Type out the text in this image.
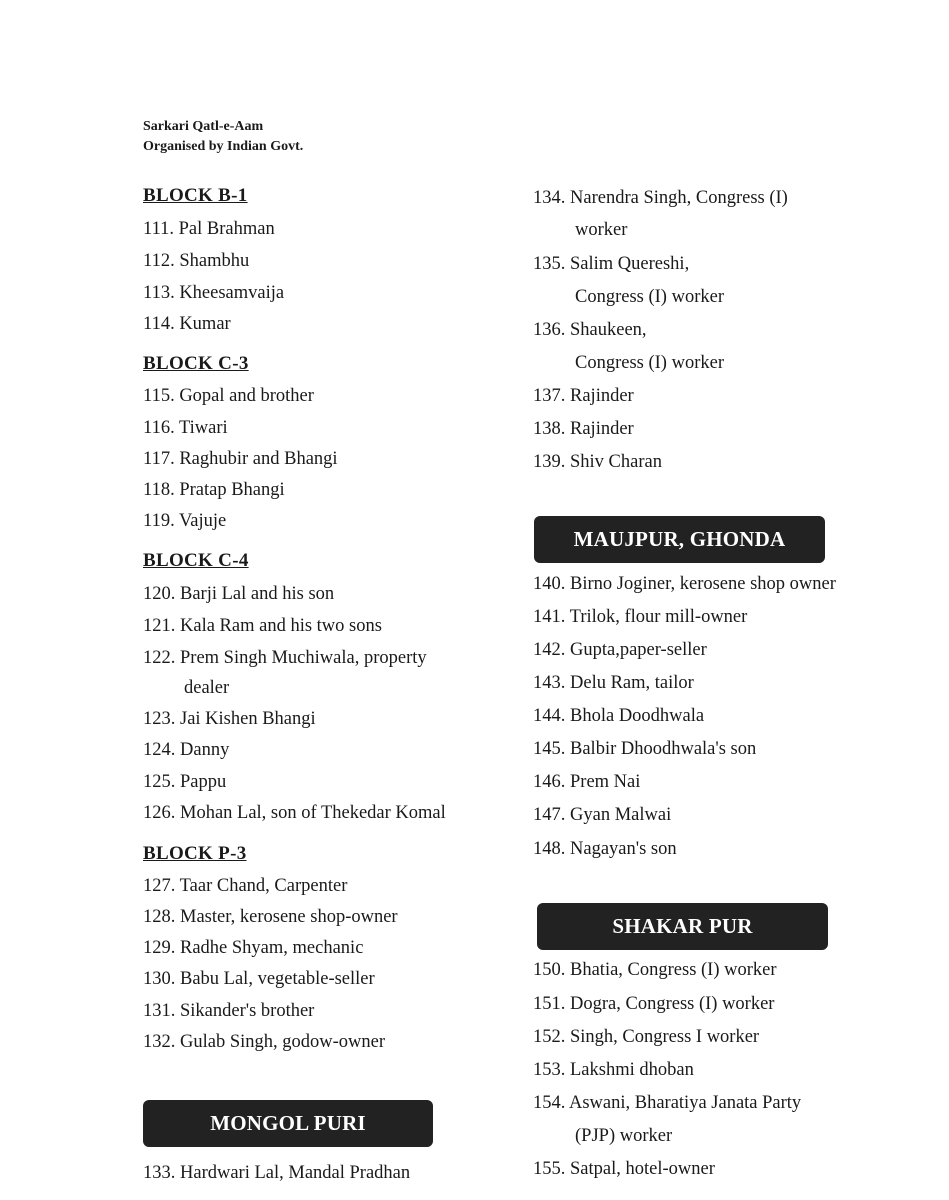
Sarkari Qatl-e-Aam
Organised by Indian Govt.
BLOCK B-1
111. Pal Brahman
112. Shambhu
113. Kheesamvaija
114. Kumar
BLOCK C-3
115. Gopal and brother
116. Tiwari
117. Raghubir and Bhangi
118. Pratap Bhangi
119. Vajuje
BLOCK C-4
120. Barji Lal and his son
121. Kala Ram and his two sons
122. Prem Singh Muchiwala, property
dealer
123. Jai Kishen Bhangi
124. Danny
125. Pappu
126. Mohan Lal, son of Thekedar Komal
BLOCK P-3
127. Taar Chand, Carpenter
128. Master, kerosene shop-owner
129. Radhe Shyam, mechanic
130. Babu Lal, vegetable-seller
131. Sikander's brother
132. Gulab Singh, godow-owner
MONGOL PURI
133. Hardwari Lal, Mandal Pradhan
134. Narendra Singh, Congress (I)
worker
135. Salim Quereshi,
Congress (I) worker
136. Shaukeen,
Congress (I) worker
137. Rajinder
138. Rajinder
139. Shiv Charan
MAUJPUR, GHONDA
140. Birno Joginer, kerosene shop owner
141. Trilok, flour mill-owner
142. Gupta,paper-seller
143. Delu Ram, tailor
144. Bhola Doodhwala
145. Balbir Dhoodhwala's son
146. Prem Nai
147. Gyan Malwai
148. Nagayan's son
SHAKAR PUR
150. Bhatia, Congress (I) worker
151. Dogra, Congress (I) worker
152. Singh, Congress I worker
153. Lakshmi dhoban
154. Aswani, Bharatiya Janata Party
(PJP) worker
155. Satpal, hotel-owner
